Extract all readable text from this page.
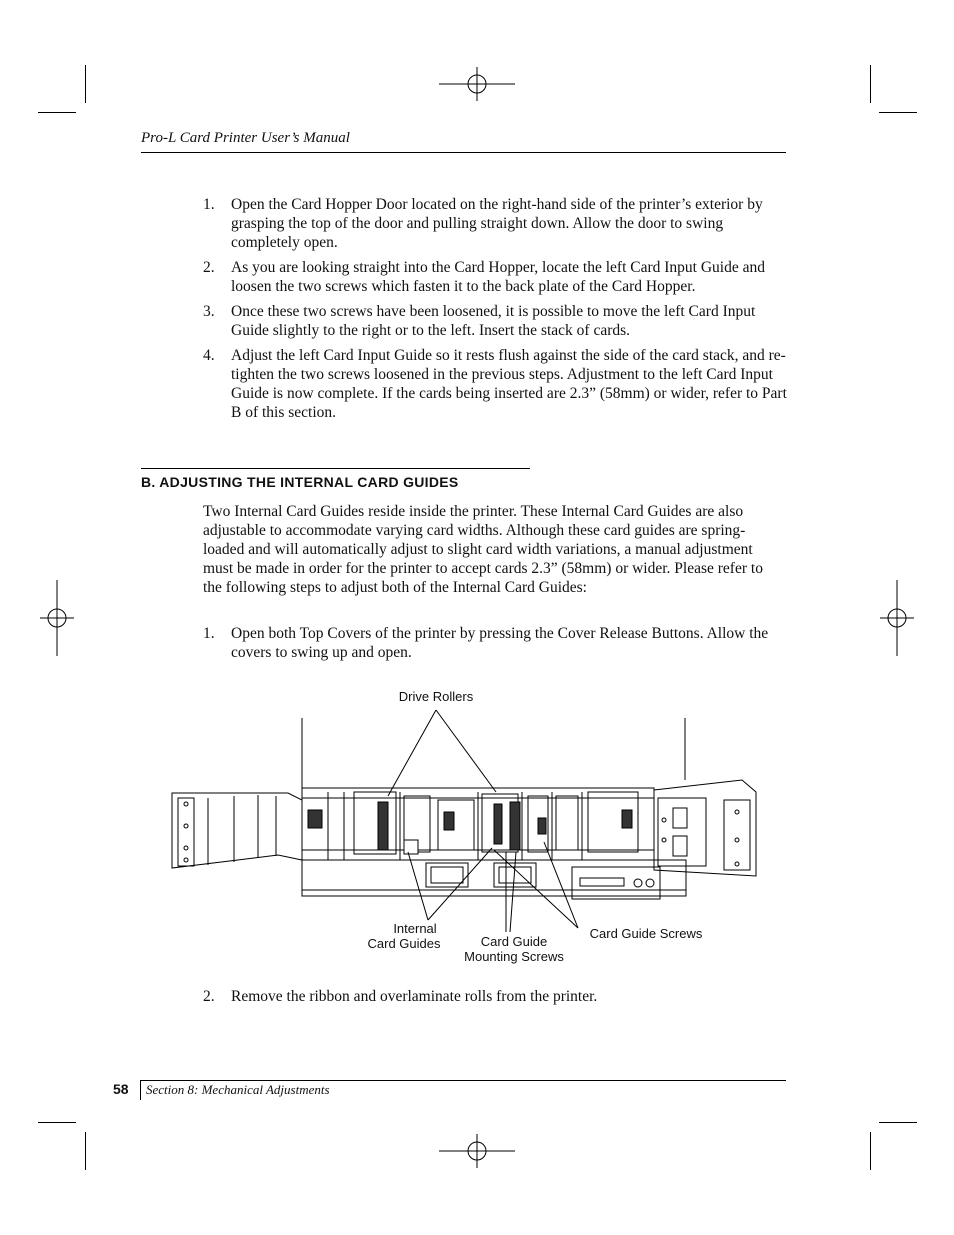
Pro-L Card Printer User’s Manual
1.	Open the Card Hopper Door located on the right-hand side of the printer’s exterior by grasping the top of the door and pulling straight down. Allow the door to swing completely open.
2.	As you are looking straight into the Card Hopper, locate the left Card Input Guide and loosen the two screws which fasten it to the back plate of the Card Hopper.
3.	Once these two screws have been loosened, it is possible to move the left Card Input Guide slightly to the right or to the left. Insert the stack of cards.
4.	Adjust the left Card Input Guide so it rests flush against the side of the card stack, and re-tighten the two screws loosened in the previous steps. Adjustment to the left Card Input Guide is now complete. If the cards being inserted are 2.3” (58mm) or wider, refer to Part B of this section.
B. ADJUSTING THE INTERNAL CARD GUIDES
Two Internal Card Guides reside inside the printer. These Internal Card Guides are also adjustable to accommodate varying card widths. Although these card guides are spring-loaded and will automatically adjust to slight card width variations, a manual adjustment must be made in order for the printer to accept cards 2.3” (58mm) or wider. Please refer to the following steps to adjust both of the Internal Card Guides:
1.	Open both Top Covers of the printer by pressing the Cover Release Buttons. Allow the covers to swing up and open.
Drive Rollers
Internal
Card Guides	Card Guide
Mounting Screws
Card Guide Screws
2.	Remove the ribbon and overlaminate rolls from the printer.
58 Section 8: Mechanical Adjustments
